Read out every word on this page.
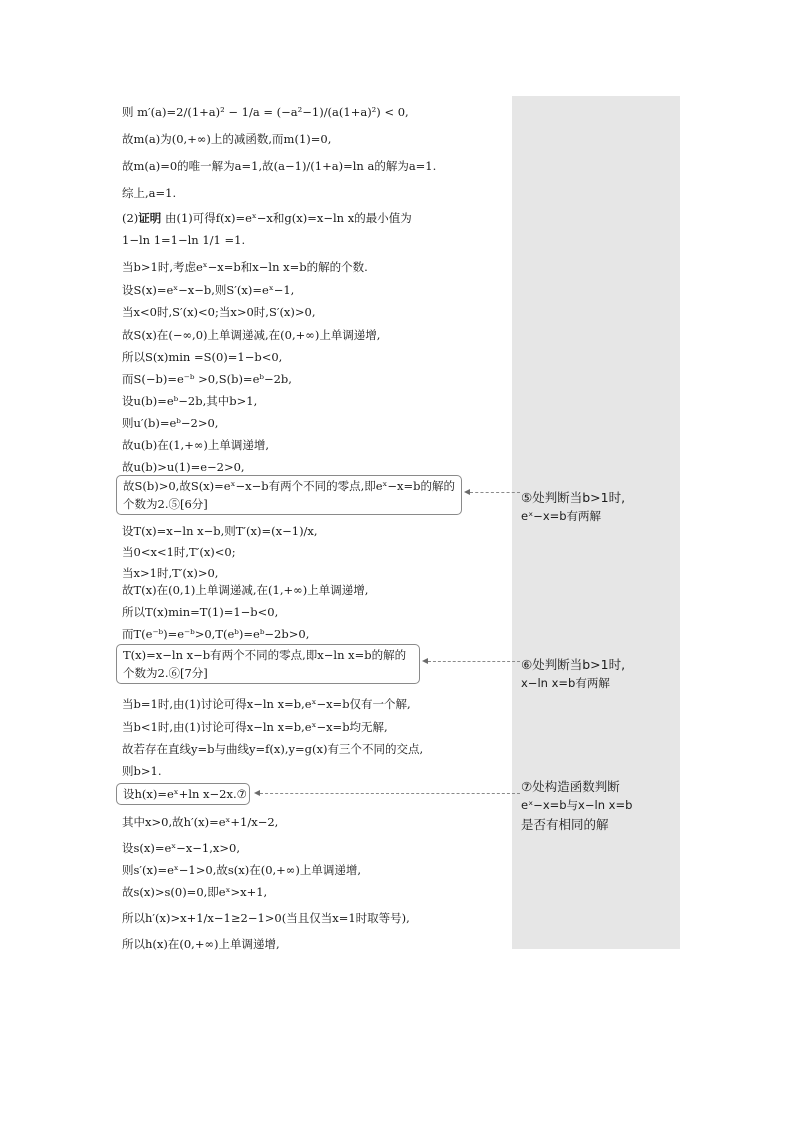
则 m′(a)=2/(1+a)² − 1/a = (−a²−1)/(a(1+a)²) < 0,
故m(a)为(0,+∞)上的减函数,而m(1)=0,
故m(a)=0的唯一解为a=1,故(a−1)/(1+a)=ln a的解为a=1.
综上,a=1.
(2)证明 由(1)可得f(x)=eˣ−x和g(x)=x−ln x的最小值为
1−ln 1=1−ln 1/1 =1.
当b>1时,考虑eˣ−x=b和x−ln x=b的解的个数.
设S(x)=eˣ−x−b,则S′(x)=eˣ−1,
当x<0时,S′(x)<0;当x>0时,S′(x)>0,
故S(x)在(−∞,0)上单调递减,在(0,+∞)上单调递增,
所以S(x)min =S(0)=1−b<0,
而S(−b)=e⁻ᵇ >0,S(b)=eᵇ−2b,
设u(b)=eᵇ−2b,其中b>1,
则u′(b)=eᵇ−2>0,
故u(b)在(1,+∞)上单调递增,
故u(b)>u(1)=e−2>0,
设T(x)=x−ln x−b,则T′(x)=(x−1)/x,
当0<x<1时,T′(x)<0;
当x>1时,T′(x)>0,
故T(x)在(0,1)上单调递减,在(1,+∞)上单调递增,
所以T(x)min=T(1)=1−b<0,
而T(e⁻ᵇ)=e⁻ᵇ>0,T(eᵇ)=eᵇ−2b>0,
当b=1时,由(1)讨论可得x−ln x=b,eˣ−x=b仅有一个解,
当b<1时,由(1)讨论可得x−ln x=b,eˣ−x=b均无解,
故若存在直线y=b与曲线y=f(x),y=g(x)有三个不同的交点,
则b>1.
其中x>0,故h′(x)=eˣ+1/x−2,
设s(x)=eˣ−x−1,x>0,
则s′(x)=eˣ−1>0,故s(x)在(0,+∞)上单调递增,
故s(x)>s(0)=0,即eˣ>x+1,
所以h′(x)>x+1/x−1≥2−1>0(当且仅当x=1时取等号),
所以h(x)在(0,+∞)上单调递增,
故S(b)>0,故S(x)=eˣ−x−b有两个不同的零点,即eˣ−x=b的解的
个数为2.⑤[6分]
T(x)=x−ln x−b有两个不同的零点,即x−ln x=b的解的
个数为2.⑥[7分]
设h(x)=eˣ+ln x−2x.⑦
⑤处判断当b>1时,
eˣ−x=b有两解
⑥处判断当b>1时,
x−ln x=b有两解
⑦处构造函数判断
eˣ−x=b与x−ln x=b
是否有相同的解
